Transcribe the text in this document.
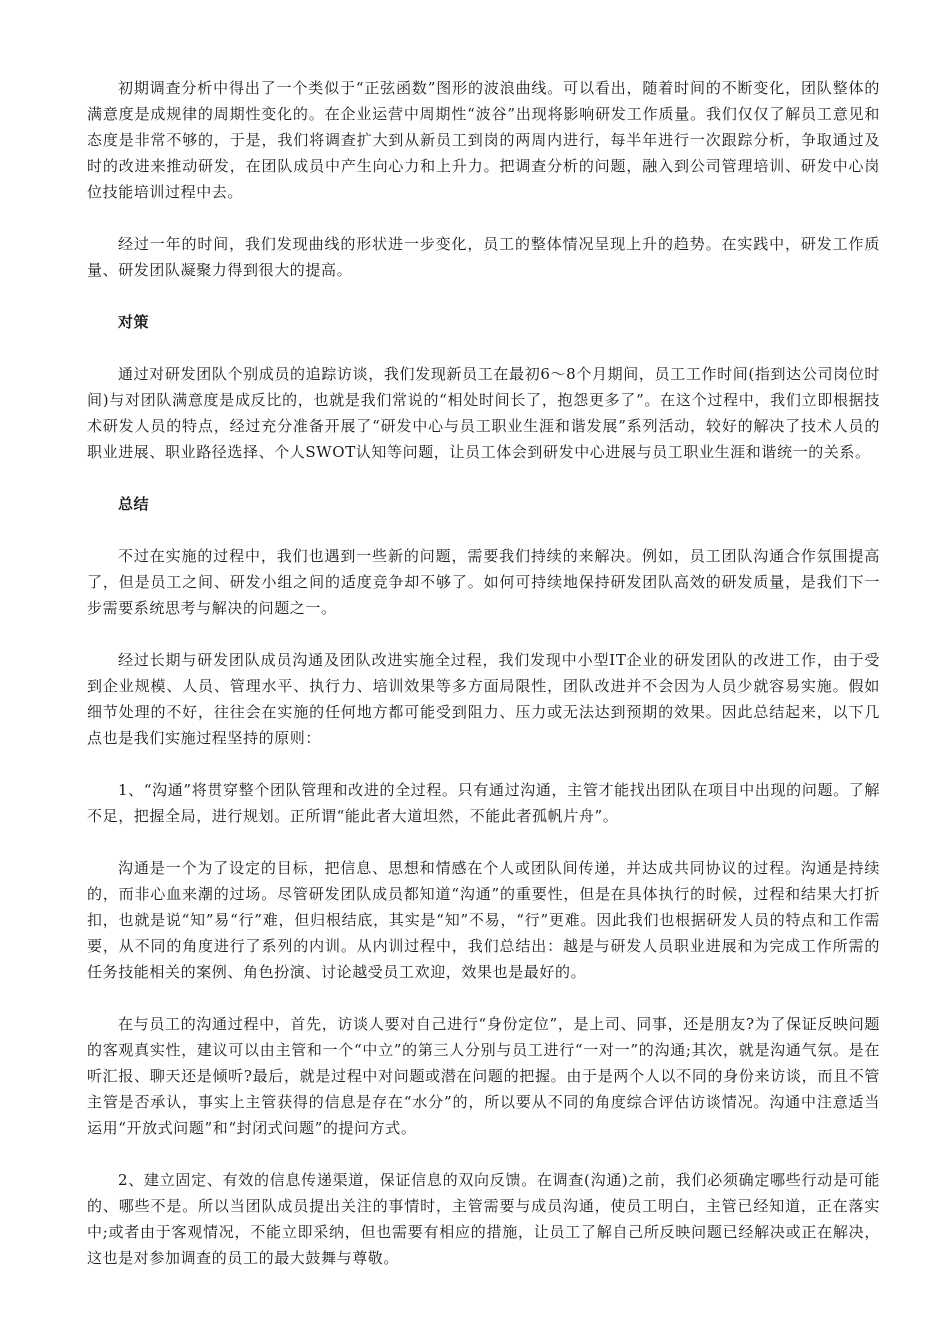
初期调查分析中得出了一个类似于“正弦函数”图形的波浪曲线。可以看出，随着时间的不断变化，团队整体的满意度是成规律的周期性变化的。在企业运营中周期性“波谷”出现将影响研发工作质量。我们仅仅了解员工意见和态度是非常不够的，于是，我们将调查扩大到从新员工到岗的两周内进行，每半年进行一次跟踪分析，争取通过及时的改进来推动研发，在团队成员中产生向心力和上升力。把调查分析的问题，融入到公司管理培训、研发中心岗位技能培训过程中去。

经过一年的时间，我们发现曲线的形状进一步变化，员工的整体情况呈现上升的趋势。在实践中，研发工作质量、研发团队凝聚力得到很大的提高。

对策

通过对研发团队个别成员的追踪访谈，我们发现新员工在最初6～8个月期间，员工工作时间(指到达公司岗位时间)与对团队满意度是成反比的，也就是我们常说的“相处时间长了，抱怨更多了”。在这个过程中，我们立即根据技术研发人员的特点，经过充分准备开展了“研发中心与员工职业生涯和谐发展”系列活动，较好的解决了技术人员的职业进展、职业路径选择、个人SWOT认知等问题，让员工体会到研发中心进展与员工职业生涯和谐统一的关系。

总结

不过在实施的过程中，我们也遇到一些新的问题，需要我们持续的来解决。例如，员工团队沟通合作氛围提高了，但是员工之间、研发小组之间的适度竞争却不够了。如何可持续地保持研发团队高效的研发质量，是我们下一步需要系统思考与解决的问题之一。

经过长期与研发团队成员沟通及团队改进实施全过程，我们发现中小型IT企业的研发团队的改进工作，由于受到企业规模、人员、管理水平、执行力、培训效果等多方面局限性，团队改进并不会因为人员少就容易实施。假如细节处理的不好，往往会在实施的任何地方都可能受到阻力、压力或无法达到预期的效果。因此总结起来，以下几点也是我们实施过程坚持的原则：

1、“沟通”将贯穿整个团队管理和改进的全过程。只有通过沟通，主管才能找出团队在项目中出现的问题。了解不足，把握全局，进行规划。正所谓“能此者大道坦然，不能此者孤帆片舟”。

沟通是一个为了设定的目标，把信息、思想和情感在个人或团队间传递，并达成共同协议的过程。沟通是持续的，而非心血来潮的过场。尽管研发团队成员都知道“沟通”的重要性，但是在具体执行的时候，过程和结果大打折扣，也就是说“知”易“行”难，但归根结底，其实是“知”不易，“行”更难。因此我们也根据研发人员的特点和工作需要，从不同的角度进行了系列的内训。从内训过程中，我们总结出：越是与研发人员职业进展和为完成工作所需的任务技能相关的案例、角色扮演、讨论越受员工欢迎，效果也是最好的。

在与员工的沟通过程中，首先，访谈人要对自己进行“身份定位”，是上司、同事，还是朋友?为了保证反映问题的客观真实性，建议可以由主管和一个“中立”的第三人分别与员工进行“一对一”的沟通;其次，就是沟通气氛。是在听汇报、聊天还是倾听?最后，就是过程中对问题或潜在问题的把握。由于是两个人以不同的身份来访谈，而且不管主管是否承认，事实上主管获得的信息是存在“水分”的，所以要从不同的角度综合评估访谈情况。沟通中注意适当运用“开放式问题”和“封闭式问题”的提问方式。

2、建立固定、有效的信息传递渠道，保证信息的双向反馈。在调查(沟通)之前，我们必须确定哪些行动是可能的、哪些不是。所以当团队成员提出关注的事情时，主管需要与成员沟通，使员工明白，主管已经知道，正在落实中;或者由于客观情况，不能立即采纳，但也需要有相应的措施，让员工了解自己所反映问题已经解决或正在解决，这也是对参加调查的员工的最大鼓舞与尊敬。
